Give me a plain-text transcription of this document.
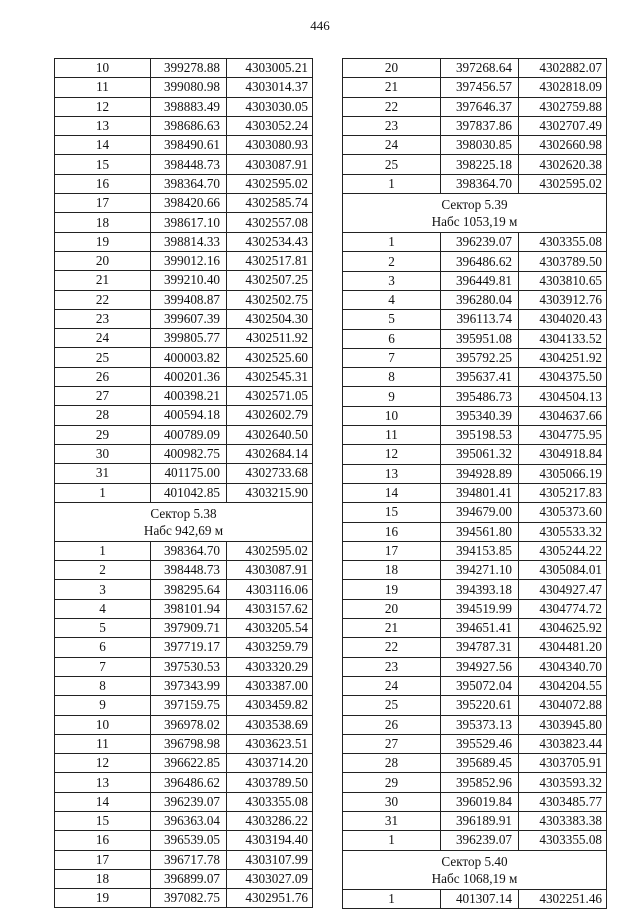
446
10	399278.88	4303005.21
11	399080.98	4303014.37
12	398883.49	4303030.05
13	398686.63	4303052.24
14	398490.61	4303080.93
15	398448.73	4303087.91
16	398364.70	4302595.02
17	398420.66	4302585.74
18	398617.10	4302557.08
19	398814.33	4302534.43
20	399012.16	4302517.81
21	399210.40	4302507.25
22	399408.87	4302502.75
23	399607.39	4302504.30
24	399805.77	4302511.92
25	400003.82	4302525.60
26	400201.36	4302545.31
27	400398.21	4302571.05
28	400594.18	4302602.79
29	400789.09	4302640.50
30	400982.75	4302684.14
31	401175.00	4302733.68
1	401042.85	4303215.90

Сектор 5.38
Набс 942,69 м		

1	398364.70	4302595.02
2	398448.73	4303087.91
3	398295.64	4303116.06
4	398101.94	4303157.62
5	397909.71	4303205.54
6	397719.17	4303259.79
7	397530.53	4303320.29
8	397343.99	4303387.00
9	397159.75	4303459.82
10	396978.02	4303538.69
11	396798.98	4303623.51
12	396622.85	4303714.20
13	396486.62	4303789.50
14	396239.07	4303355.08
15	396363.04	4303286.22
16	396539.05	4303194.40
17	396717.78	4303107.99
18	396899.07	4303027.09
19	397082.75	4302951.76
20	397268.64	4302882.07
21	397456.57	4302818.09
22	397646.37	4302759.88
23	397837.86	4302707.49
24	398030.85	4302660.98
25	398225.18	4302620.38
1	398364.70	4302595.02

Сектор 5.39
Набс 1053,19 м		

1	396239.07	4303355.08
2	396486.62	4303789.50
3	396449.81	4303810.65
4	396280.04	4303912.76
5	396113.74	4304020.43
6	395951.08	4304133.52
7	395792.25	4304251.92
8	395637.41	4304375.50
9	395486.73	4304504.13
10	395340.39	4304637.66
11	395198.53	4304775.95
12	395061.32	4304918.84
13	394928.89	4305066.19
14	394801.41	4305217.83
15	394679.00	4305373.60
16	394561.80	4305533.32
17	394153.85	4305244.22
18	394271.10	4305084.01
19	394393.18	4304927.47
20	394519.99	4304774.72
21	394651.41	4304625.92
22	394787.31	4304481.20
23	394927.56	4304340.70
24	395072.04	4304204.55
25	395220.61	4304072.88
26	395373.13	4303945.80
27	395529.46	4303823.44
28	395689.45	4303705.91
29	395852.96	4303593.32
30	396019.84	4303485.77
31	396189.91	4303383.38
1	396239.07	4303355.08

Сектор 5.40
Набс 1068,19 м		

1	401307.14	4302251.46
